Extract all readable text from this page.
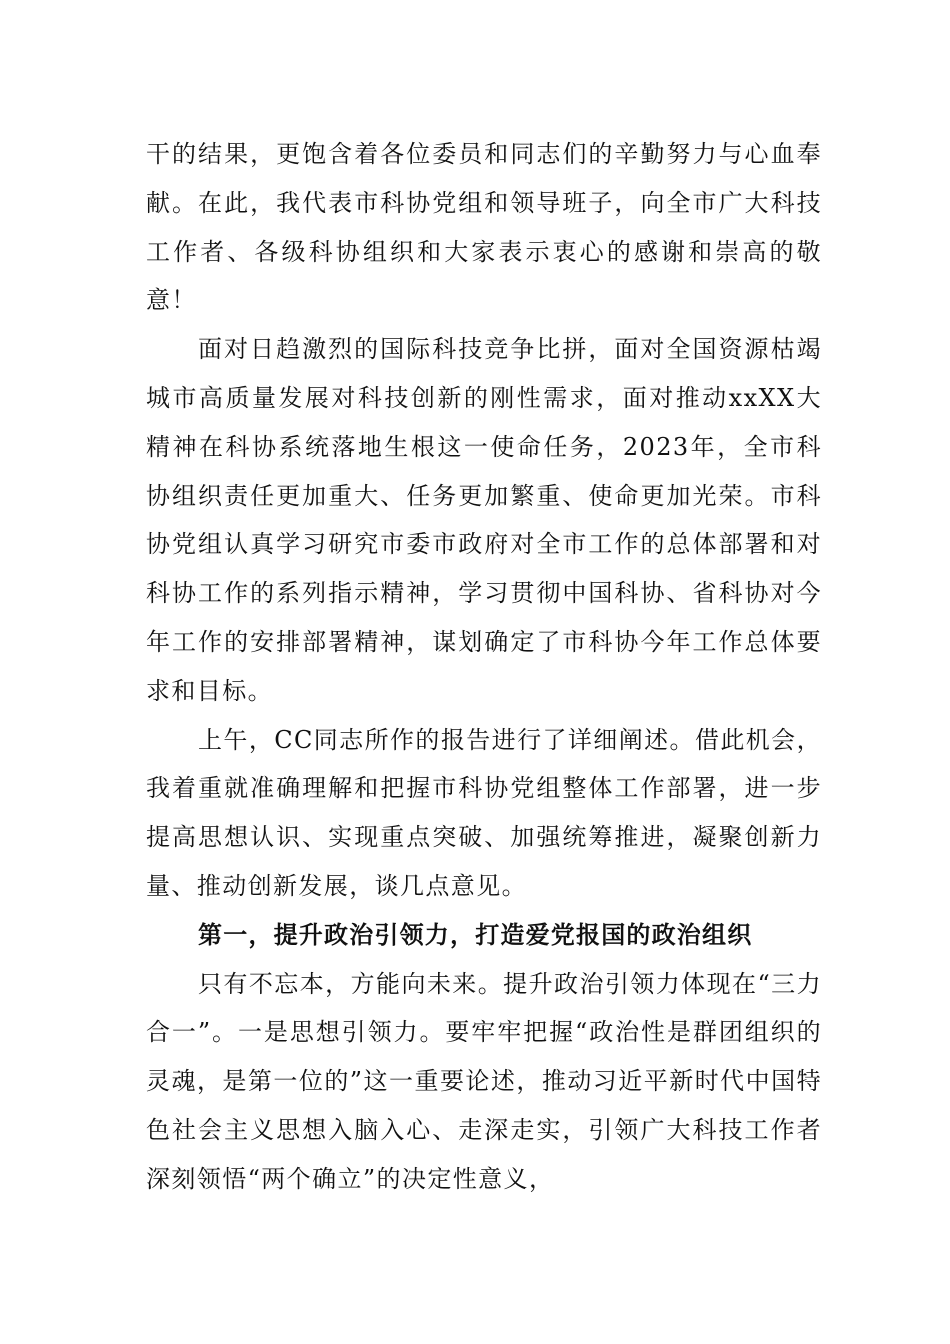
干的结果，更饱含着各位委员和同志们的辛勤努力与心血奉献。在此，我代表市科协党组和领导班子，向全市广大科技工作者、各级科协组织和大家表示衷心的感谢和崇高的敬意！

面对日趋激烈的国际科技竞争比拼，面对全国资源枯竭城市高质量发展对科技创新的刚性需求，面对推动xxXX大精神在科协系统落地生根这一使命任务，2023年，全市科协组织责任更加重大、任务更加繁重、使命更加光荣。市科协党组认真学习研究市委市政府对全市工作的总体部署和对科协工作的系列指示精神，学习贯彻中国科协、省科协对今年工作的安排部署精神，谋划确定了市科协今年工作总体要求和目标。

上午，CC同志所作的报告进行了详细阐述。借此机会，我着重就准确理解和把握市科协党组整体工作部署，进一步提高思想认识、实现重点突破、加强统筹推进，凝聚创新力量、推动创新发展，谈几点意见。

第一，提升政治引领力，打造爱党报国的政治组织

只有不忘本，方能向未来。提升政治引领力体现在“三力合一”。一是思想引领力。要牢牢把握“政治性是群团组织的灵魂，是第一位的”这一重要论述，推动习近平新时代中国特色社会主义思想入脑入心、走深走实，引领广大科技工作者深刻领悟“两个确立”的决定性意义，
